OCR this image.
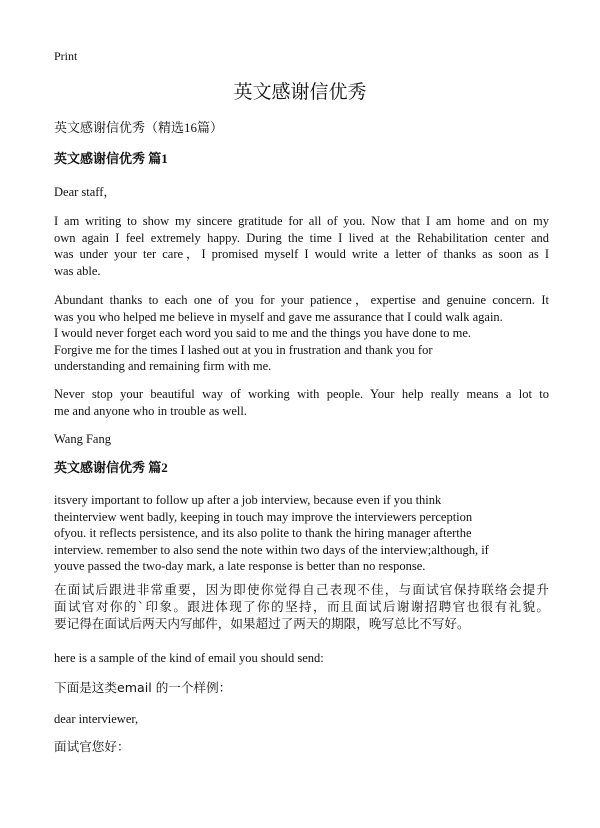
Print
英文感谢信优秀
英文感谢信优秀（精选16篇）
英文感谢信优秀 篇1
Dear staff，
I am writing to show my sincere gratitude for all of you. Now that I am home and on my
own again I feel extremely happy. During the time I lived at the Rehabilitation center and
was under your ter care，I promised myself I would write a letter of thanks as soon as I
was able.
Abundant thanks to each one of you for your patience，expertise and genuine concern. It
was you who helped me believe in myself and gave me assurance that I could walk again.
I would never forget each word you said to me and the things you have done to me.
Forgive me for the times I lashed out at you in frustration and thank you for
understanding and remaining firm with me.
Never stop your beautiful way of working with people. Your help really means a lot to
me and anyone who in trouble as well.
Wang Fang
英文感谢信优秀 篇2
itsvery important to follow up after a job interview, because even if you think
theinterview went badly, keeping in touch may improve the interviewers perception
ofyou. it reflects persistence, and its also polite to thank the hiring manager afterthe
interview. remember to also send the note within two days of the interview;although, if
youve passed the two-day mark, a late response is better than no response.
在面试后跟进非常重要，因为即使你觉得自己表现不佳，与面试官保持联络会提升
面试官对你的`印象。跟进体现了你的坚持，而且面试后谢谢招聘官也很有礼貌。
要记得在面试后两天内写邮件，如果超过了两天的期限，晚写总比不写好。
here is a sample of the kind of email you should send:
下面是这类email 的一个样例：
dear interviewer,
面试官您好：
